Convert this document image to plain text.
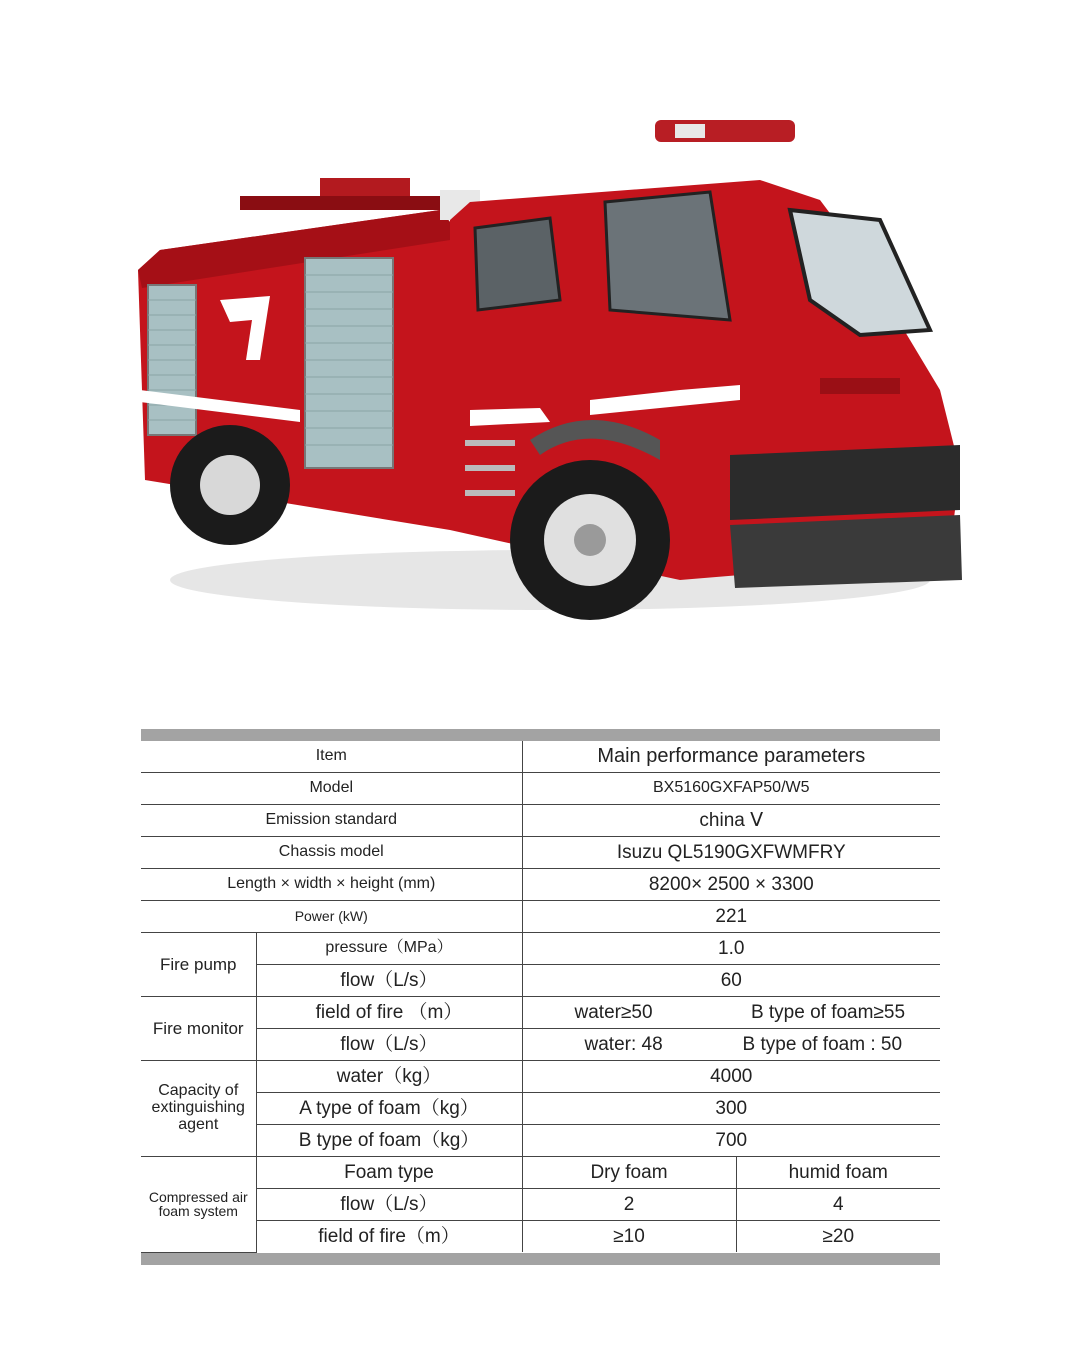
Item		Main performance parameters	
Model		BX5160GXFAP50/W5	
Emission standard		china Ⅴ	
Chassis model		Isuzu QL5190GXFWMFRY	
Length × width × height (mm)		8200× 2500 × 3300	
Power (kW)		221	
Fire pump	pressure（MPa）	1.0	
	flow（L/s）	60	
Fire monitor	field of fire （m）	water≥50 B type of foam≥55	

	flow（L/s）	water: 48 B type of foam : 50	

Capacity of extinguishing agent	water（kg）	4000	
	A type of foam（kg）	300	
	B type of foam（kg）	700	
Compressed air foam system	Foam type	Dry foam	humid foam
	flow（L/s）	2	4
	field of fire（m）	≥10	≥20
